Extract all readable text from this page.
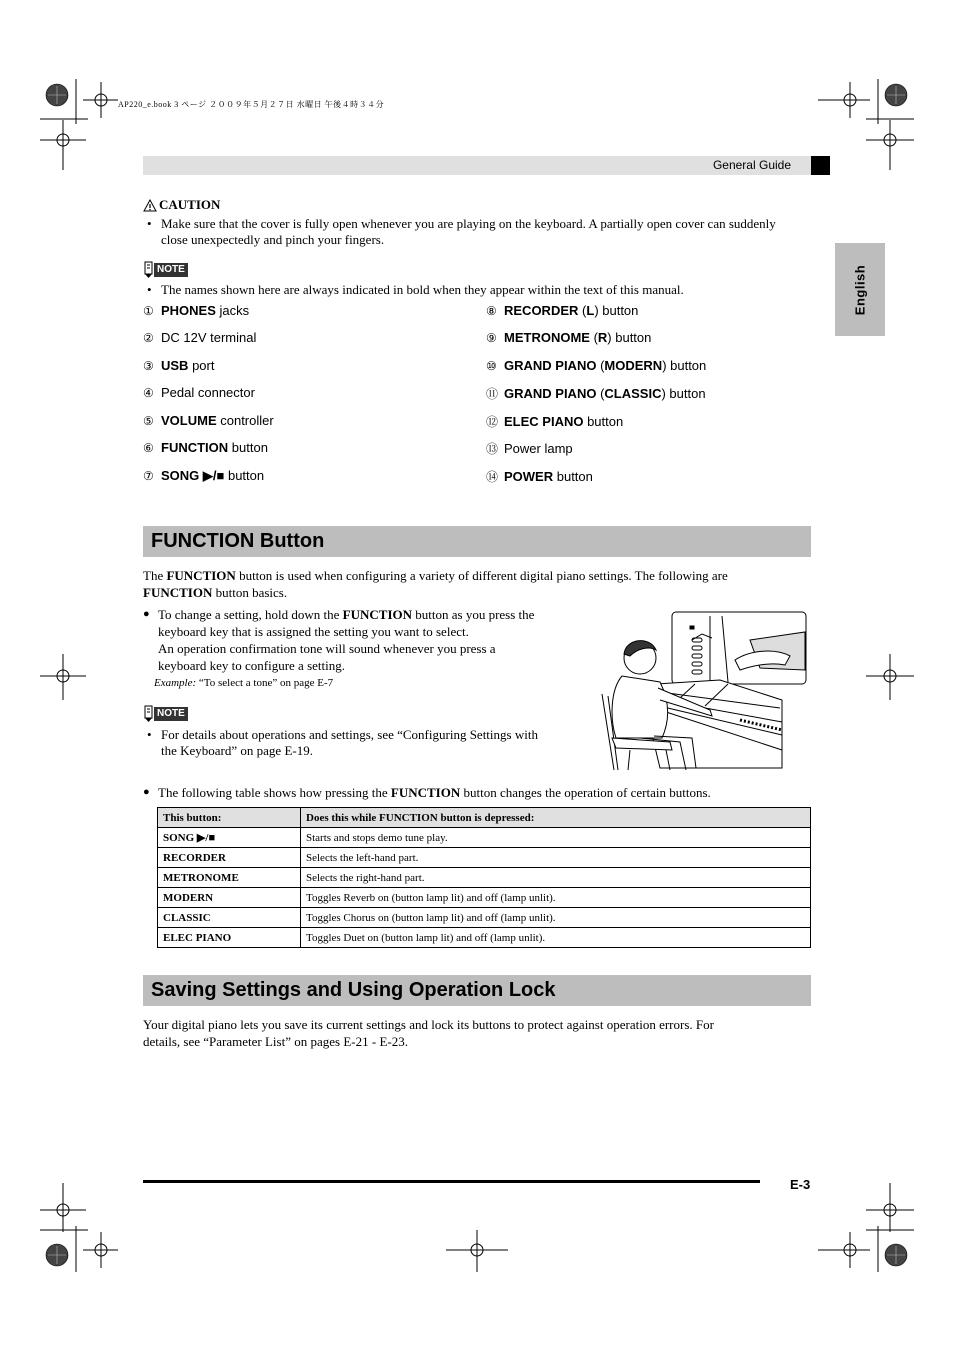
AP220_e.book 3 ページ ２００９年５月２７日 水曜日 午後４時３４分
General Guide
English
CAUTION
• Make sure that the cover is fully open whenever you are playing on the keyboard. A partially open cover can suddenly close unexpectedly and pinch your fingers.
NOTE
• The names shown here are always indicated in bold when they appear within the text of this manual.
① PHONES jacks
② DC 12V terminal
③ USB port
④ Pedal connector
⑤ VOLUME controller
⑥ FUNCTION button
⑦ SONG ▶/■ button
⑧ RECORDER (L) button
⑨ METRONOME (R) button
⑩ GRAND PIANO (MODERN) button
⑪ GRAND PIANO (CLASSIC) button
⑫ ELEC PIANO button
⑬ Power lamp
⑭ POWER button
FUNCTION Button
The FUNCTION button is used when configuring a variety of different digital piano settings. The following are
FUNCTION button basics.
● To change a setting, hold down the FUNCTION button as you press the
keyboard key that is assigned the setting you want to select.
An operation confirmation tone will sound whenever you press a
keyboard key to configure a setting.
Example: “To select a tone” on page E-7
NOTE
• For details about operations and settings, see “Configuring Settings with
the Keyboard” on page E-19.
● The following table shows how pressing the FUNCTION button changes the operation of certain buttons.
This button:	Does this while FUNCTION button is depressed:
SONG ▶/■	Starts and stops demo tune play.
RECORDER	Selects the left-hand part.
METRONOME	Selects the right-hand part.
MODERN	Toggles Reverb on (button lamp lit) and off (lamp unlit).
CLASSIC	Toggles Chorus on (button lamp lit) and off (lamp unlit).
ELEC PIANO	Toggles Duet on (button lamp lit) and off (lamp unlit).
Saving Settings and Using Operation Lock
Your digital piano lets you save its current settings and lock its buttons to protect against operation errors. For
details, see “Parameter List” on pages E-21 - E-23.
E-3
